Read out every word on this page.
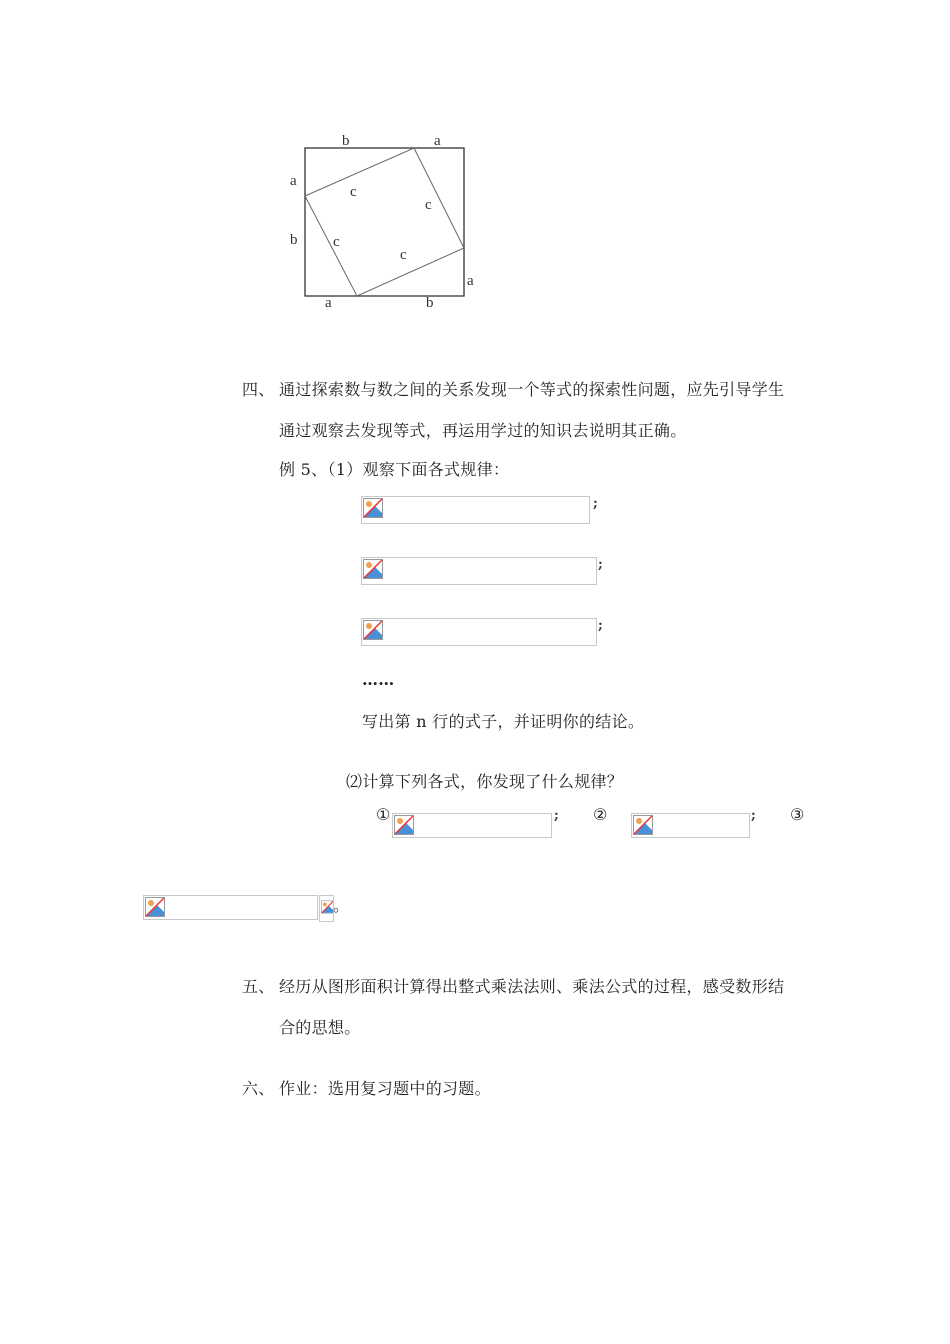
b	a
a
b
a
a	b
c
c
c
c
四、 通过探索数与数之间的关系发现一个等式的探索性问题，应先引导学生
通过观察去发现等式，再运用学过的知识去说明其正确。
例 5、（1）观察下面各式规律：
;
;
;
……
写出第 n 行的式子，并证明你的结论。
⑵计算下列各式，你发现了什么规律？
①	; ②	; ③
。
五、 经历从图形面积计算得出整式乘法法则、乘法公式的过程，感受数形结
合的思想。
六、 作业：选用复习题中的习题。
